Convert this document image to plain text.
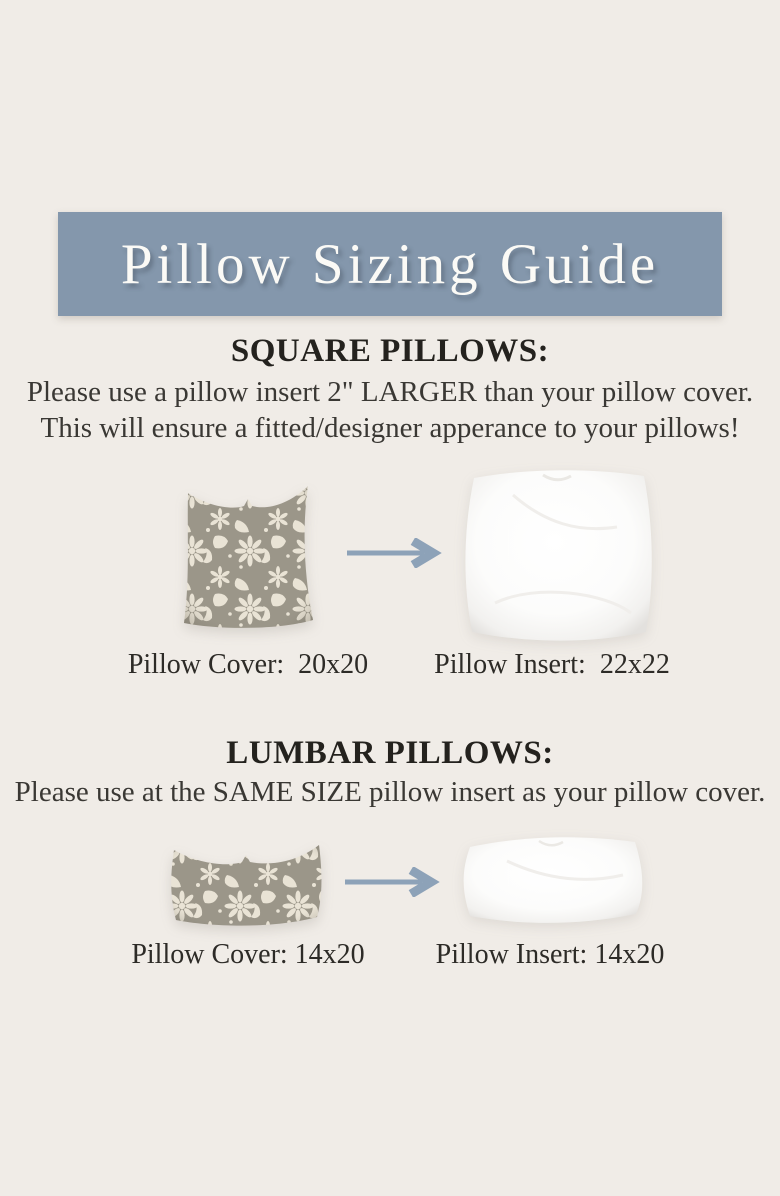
Pillow Sizing Guide
SQUARE PILLOWS:

Please use a pillow insert 2" LARGER than your pillow cover.
This will ensure a fitted/designer apperance to your pillows!

Pillow Cover:  20x20	Pillow Insert:  22x22
LUMBAR PILLOWS:

Please use at the SAME SIZE pillow insert as your pillow cover.

Pillow Cover: 14x20	Pillow Insert: 14x20
